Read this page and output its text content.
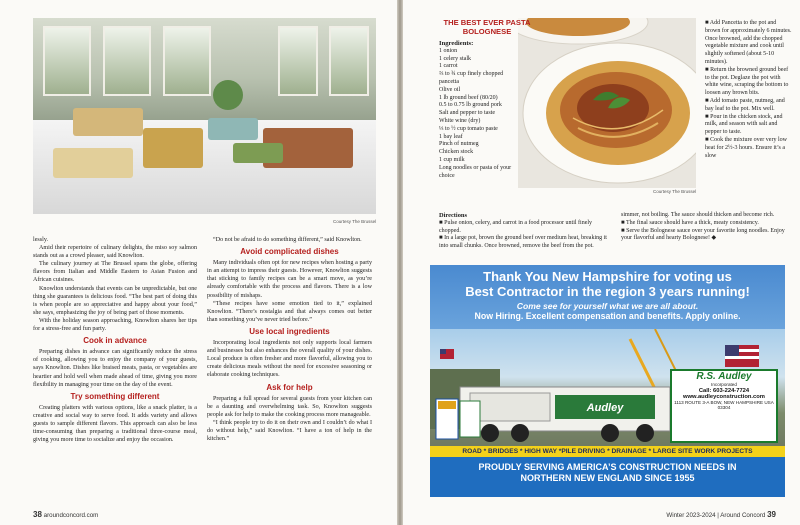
Courtesy The Brussel

lessly.

Amid their repertoire of culinary delights, the miso soy salmon stands out as a crowd pleaser, said Knowlton.

The culinary journey at The Brussel spans the globe, offering flavors from Italian and Middle Eastern to Asian Fusion and African cuisines.

Knowlton understands that events can be unpredictable, but one thing she guarantees is delicious food. “The best part of doing this is when people are so appreciative and happy about your food,” she says, emphasizing the joy of being part of those moments.

With the holiday season approaching, Knowlton shares her tips for a stress-free and fun party.

Cook in advance

Preparing dishes in advance can significantly reduce the stress of cooking, allowing you to enjoy the company of your guests, says Knowlton. Dishes like braised meats, pasta, or vegetables are heartier and hold well when made ahead of time, giving you more flexibility in managing your time on the day of the event.

Try something different

Creating platters with various options, like a snack platter, is a creative and social way to serve food. It adds variety and allows guests to sample different flavors. This approach can also be less time-consuming than preparing a traditional three-course meal, giving you more time to socialize and enjoy the occasion.

“Do not be afraid to do something different,” said Knowlton.

Avoid complicated dishes

Many individuals often opt for new recipes when hosting a party in an attempt to impress their guests. However, Knowlton suggests that sticking to family recipes can be a smart move, as you’re already comfortable with the process and flavors. There is a low possibility of mishaps.

“These recipes have some emotion tied to it,” explained Knowlton. “There’s nostalgia and that always comes out better than something you’ve never tried before.”

Use local ingredients

Incorporating local ingredients not only supports local farmers and businesses but also enhances the overall quality of your dishes. Local produce is often fresher and more flavorful, allowing you to create delicious meals without the need for excessive seasoning or elaborate cooking techniques.

Ask for help

Preparing a full spread for several guests from your kitchen can be a daunting and overwhelming task. So, Knowlton suggests people ask for help to make the cooking process more manageable.

“I think people try to do it on their own and I couldn’t do what I do without help,” said Knowlton. “I have a ton of help in the kitchen.”

38 aroundconcord.com
THE BEST EVER PASTA BOLOGNESE
Ingredients:
1 onion
1 celery stalk
1 carrot
⅔ to ¾ cup finely chopped pancetta
Olive oil
1 lb ground beef (80/20)
0.5 to 0.75 lb ground pork
Salt and pepper to taste
White wine (dry)
⅓ to ½ cup tomato paste
1 bay leaf
Pinch of nutmeg
Chicken stock
1 cup milk
Long noodles or pasta of your choice
Courtesy The Brussel
■ Add Pancetta to the pot and brown for approximately 6 minutes. Once browned, add the chopped vegetable mixture and cook until slightly softened (about 5-10 minutes).
■ Return the browned ground beef to the pot. Deglaze the pot with white wine, scraping the bottom to loosen any brown bits.
■ Add tomato paste, nutmeg, and bay leaf to the pot. Mix well.
■ Pour in the chicken stock, and milk, and season with salt and pepper to taste.
■ Cook the mixture over very low heat for 2½-3 hours. Ensure it’s a slow
Directions
■ Pulse onion, celery, and carrot in a food processor until finely chopped.
■ In a large pot, brown the ground beef over medium heat, breaking it into small chunks. Once browned, remove the beef from the pot.
simmer, not boiling. The sauce should thicken and become rich.
■ The final sauce should have a thick, meaty consistency.
■ Serve the Bolognese sauce over your favorite long noodles. Enjoy your flavorful and hearty Bolognese! ◆
Thank You New Hampshire for voting us
Best Contractor in the region 3 years running!
Come see for yourself what we are all about.
Now Hiring. Excellent compensation and benefits. Apply online.
Audley
R.S. Audley
Incorporated
Call: 603-224-7724
www.audleyconstruction.com
1113 ROUTE 3-A BOW, NEW HAMPSHIRE USA 03304
ROAD * BRIDGES * HIGH WAY *PILE DRIVING * DRAINAGE * LARGE SITE WORK PROJECTS
PROUDLY SERVING AMERICA’S CONSTRUCTION NEEDS IN
NORTHERN NEW ENGLAND SINCE 1955
Winter 2023-2024 | Around Concord 39
